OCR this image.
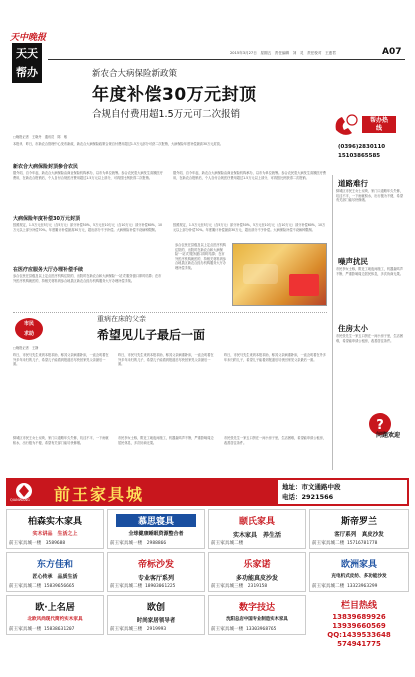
天中晚报
天天帮办
2015年3月27日　星期五　责任编辑　刘　灵　责任校对　王惠君	A07
新农合大病保险新政策
年度补偿30万元封顶
合规自付费用超1.5万元可二次报销
帮办热线
(0396)2830110
15103865585
□晚报记者　王晓丹　通讯员　陈　敏
本报讯　昨日，市新农合管理中心发布新政，新农合大病保险政策合规自付费用超过1.5万元部分可获二次报销，大病保险年度补偿最高30万元封顶。
新农合大病保险封顶参合农民
据介绍，自今年起，新农合大病保险由商业保险机构承办，以市为单位统筹。参合农民患大病发生高额医疗费用，在新农合报销后，个人自付合规医疗费用超过1.5万元以上部分，可再按比例获得二次报销。
大病保险年度补偿30万元封顶
按照规定，1.5万元至5万元（含5万元）部分补偿50%，5万元至10万元（含10万元）部分补偿60%，10万元以上部分补偿70%。年度累计补偿最高30万元，超出部分不予补偿。大病保险补偿不设病种限制。
在医疗应服务大厅办理补偿手续
参合农民在县级及以上定点医疗机构住院的，出院时在新农合和大病保险'一站式'服务窗口即时结算；在市外医疗机构就医的，持相关材料到参合地县区新农合经办机构服务大厅办理补偿手续。
据介绍，自今年起，新农合大病保险由商业保险机构承办，以市为单位统筹。参合农民患大病发生高额医疗费用，在新农合报销后，个人自付合规医疗费用超过1.5万元以上部分，可再按比例获得二次报销。
按照规定，1.5万元至5万元（含5万元）部分补偿50%，5万元至10万元（含10万元）部分补偿60%，10万元以上部分补偿70%。年度累计补偿最高30万元，超出部分不予补偿。大病保险补偿不设病种限制。
道路难行
驿城区市民王女士反映，家门口道路年久失修，坑洼不平，一下雨就积水，出行极为不便，希望有关部门能尽快修缮。
噪声扰民
市民李女士称，附近工地夜间施工，机器轰鸣声不断，严重影响周边居民休息，多次协商无果。
住房太小
市民张先生一家五口挤在一间小房子里，生活困难，希望能申请公租房，改善居住条件。
?
问题欢迎
参合农民在县级及以上定点医疗机构住院的，出院时在新农合和大病保险'一站式'服务窗口即时结算；在市外医疗机构就医的，持相关材料到参合地县区新农合经办机构服务大厅办理补偿手续。
市民求助
重病在床的父亲
希望见儿子最后一面
□晚报记者　王静
昨日，市民马先生来到本报求助，称其父亲病重卧床，一直念叨着在外多年未归的儿子，希望儿子能看到报道后尽快回家见父亲最后一面。
昨日，市民马先生来到本报求助，称其父亲病重卧床，一直念叨着在外多年未归的儿子，希望儿子能看到报道后尽快回家见父亲最后一面。
昨日，市民马先生来到本报求助，称其父亲病重卧床，一直念叨着在外多年未归的儿子，希望儿子能看到报道后尽快回家见父亲最后一面。
驿城区市民王女士反映，家门口道路年久失修，坑洼不平，一下雨就积水，出行极为不便，希望有关部门能尽快修缮。
市民李女士称，附近工地夜间施工，机器轰鸣声不断，严重影响周边居民休息，多次协商无果。
市民张先生一家五口挤在一间小房子里，生活困难，希望能申请公租房，改善居住条件。
QIANWANG 前王家具城	地址：市文通路中段
电话：2921566
柏森实木家具
实木讲品　生活之上
前王家具城一楼　 3589688
慕思寝具
全球健康睡眠资源整合者
前王家具城一楼　 2988866
颐氏家具
实木家具　养生活
前王家具城二楼
斯帝罗兰
客厅系列　真皮沙发
前王家具城二楼 15716781778
东方佳和
匠心传承　品质生活
前王家具城二楼 15839656665
帝标沙发
专业客厅系列
前王家具城二楼 18903061225
乐家诺
多功能真皮沙发
前王家具城三楼　 2319158
欧洲家具
充电机式皮纺、多功能沙发
前王家具城二楼 13323963299
欧·上名居
北欧风尚现代简约实木家具
前王家具城一楼 15838631207
欧创
时尚家居领导者
前王家具城三楼　 2919993
数字技达
沈阳总店中国专业制造实木家具
前王家具城一楼 13303968765
栏目热线
13839689926
13939660569
QQ:1439533648
574941775
